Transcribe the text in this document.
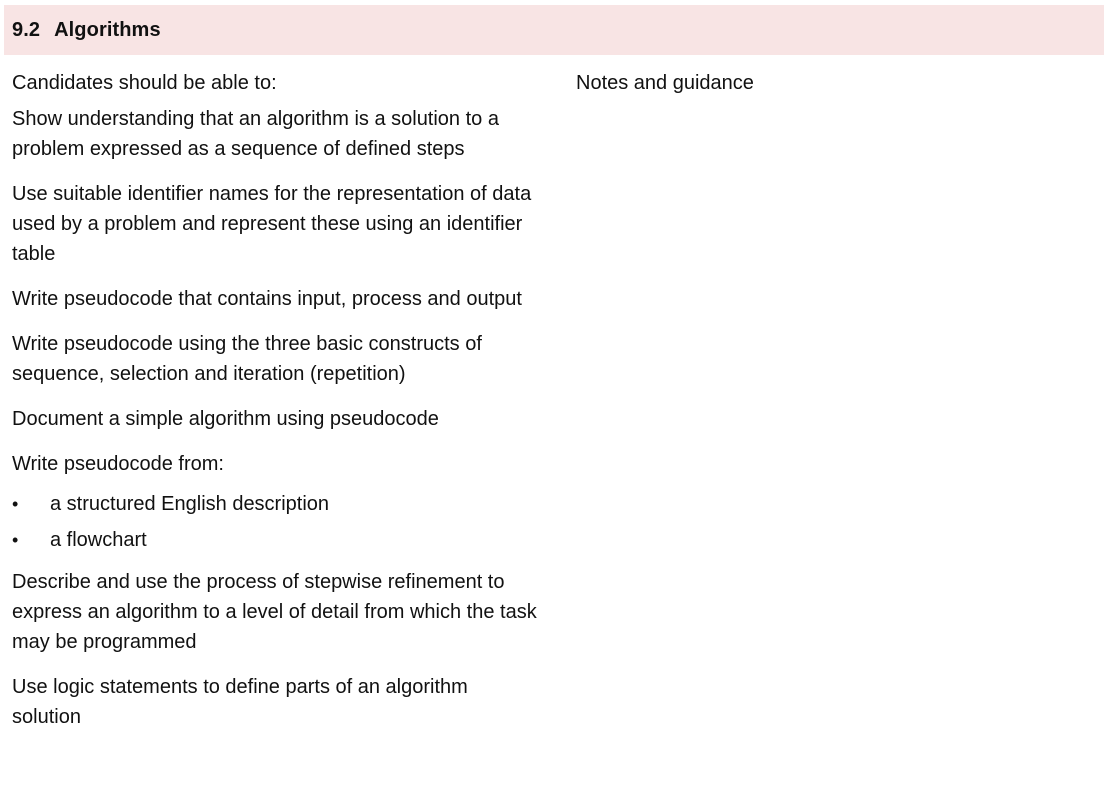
9.2 Algorithms
Candidates should be able to:

Show understanding that an algorithm is a solution to a problem expressed as a sequence of defined steps

Use suitable identifier names for the representation of data used by a problem and represent these using an identifier table

Write pseudocode that contains input, process and output

Write pseudocode using the three basic constructs of sequence, selection and iteration (repetition)

Document a simple algorithm using pseudocode

Write pseudocode from:

• a structured English description
• a flowchart

Describe and use the process of stepwise refinement to express an algorithm to a level of detail from which the task may be programmed

Use logic statements to define parts of an algorithm solution

Notes and guidance
